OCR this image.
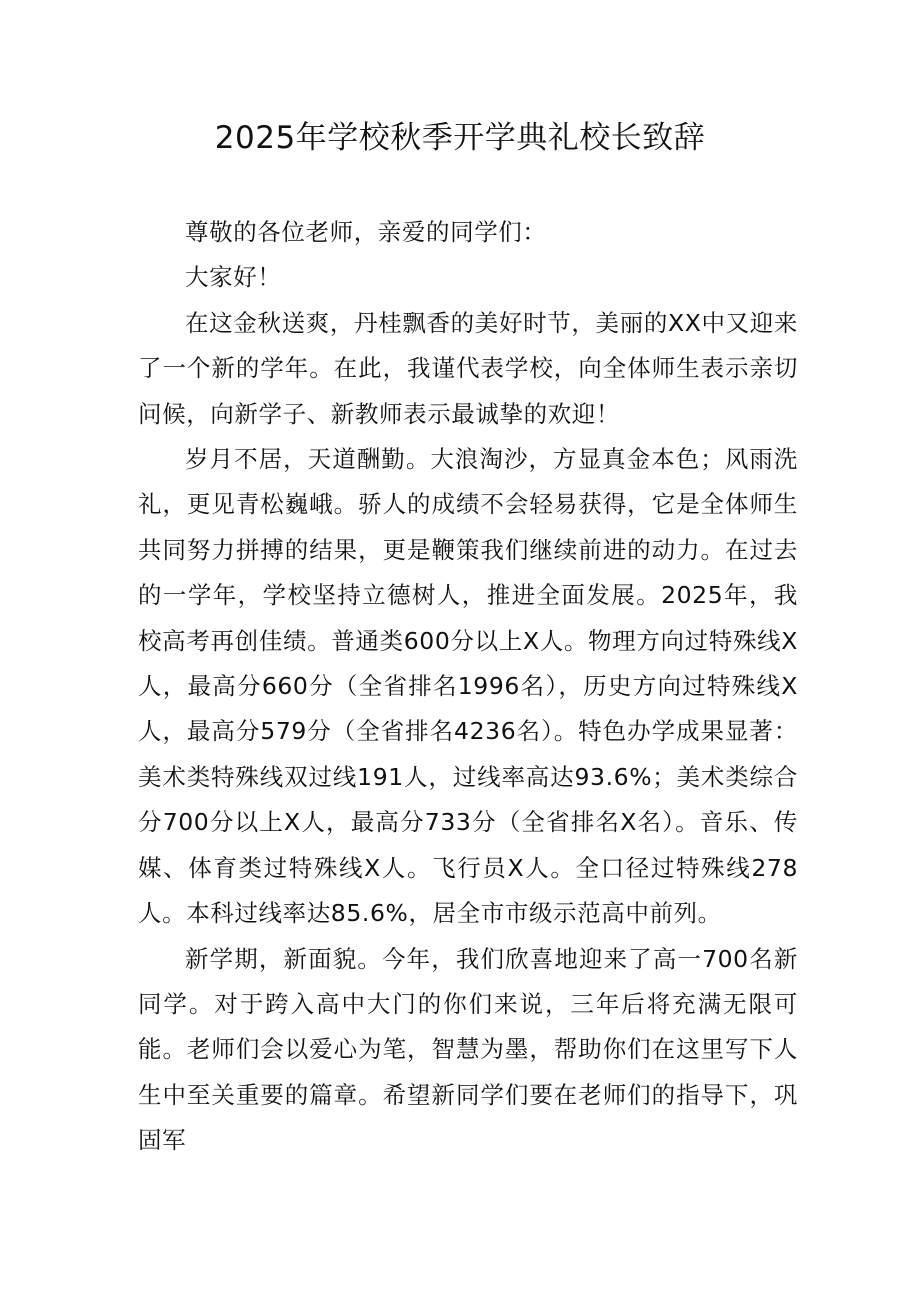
2025年学校秋季开学典礼校长致辞

尊敬的各位老师，亲爱的同学们：

大家好！

在这金秋送爽，丹桂飘香的美好时节，美丽的XX中又迎来了一个新的学年。在此，我谨代表学校，向全体师生表示亲切问候，向新学子、新教师表示最诚挚的欢迎！

岁月不居，天道酬勤。大浪淘沙，方显真金本色；风雨洗礼，更见青松巍峨。骄人的成绩不会轻易获得，它是全体师生共同努力拼搏的结果，更是鞭策我们继续前进的动力。在过去的一学年，学校坚持立德树人，推进全面发展。2025年，我校高考再创佳绩。普通类600分以上X人。物理方向过特殊线X人，最高分660分（全省排名1996名），历史方向过特殊线X人，最高分579分（全省排名4236名）。特色办学成果显著：美术类特殊线双过线191人，过线率高达93.6%；美术类综合分700分以上X人，最高分733分（全省排名X名）。音乐、传媒、体育类过特殊线X人。飞行员X人。全口径过特殊线278人。本科过线率达85.6%，居全市市级示范高中前列。

新学期，新面貌。今年，我们欣喜地迎来了高一700名新同学。对于跨入高中大门的你们来说，三年后将充满无限可能。老师们会以爱心为笔，智慧为墨，帮助你们在这里写下人生中至关重要的篇章。希望新同学们要在老师们的指导下，巩固军
